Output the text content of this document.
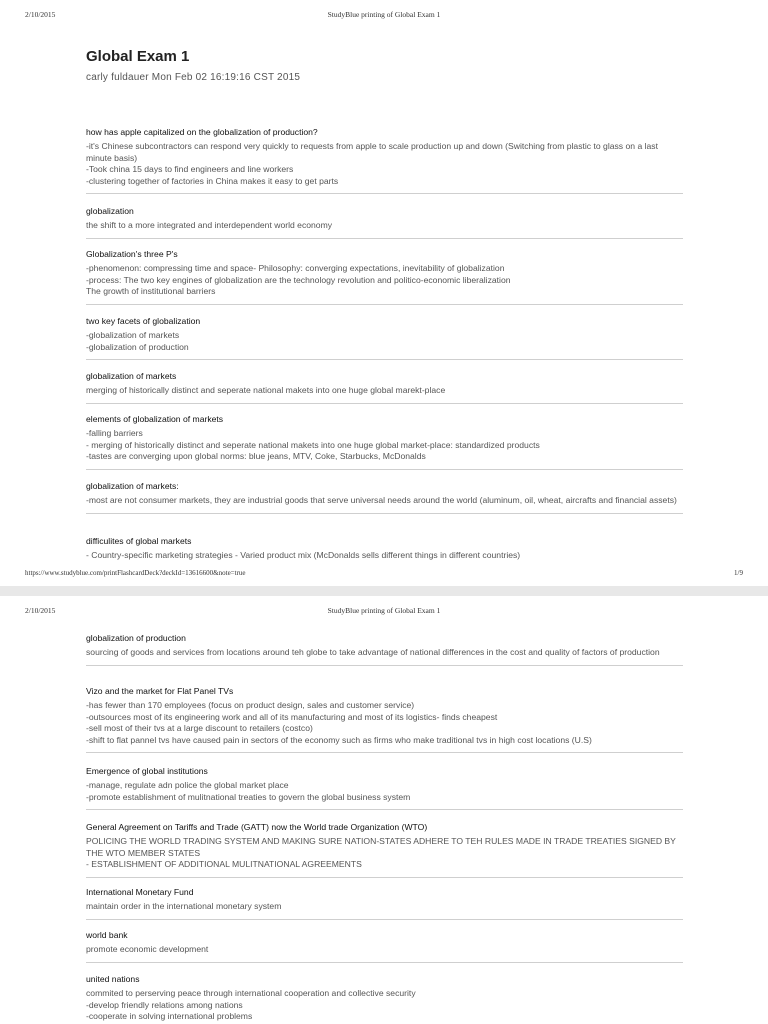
2/10/2015	StudyBlue printing of Global Exam 1
Global Exam 1
carly fuldauer Mon Feb 02 16:19:16 CST 2015
how has apple capitalized on the globalization of production?
-it's Chinese subcontractors can respond very quickly to requests from apple to scale production up and down (Switching from plastic to glass on a last minute basis)
-Took china 15 days to find engineers and line workers
-clustering together of factories in China makes it easy to get parts
globalization
the shift to a more integrated and interdependent world economy
Globalization's three P's
-phenomenon: compressing time and space- Philosophy: converging expectations, inevitability of globalization
-process: The two key engines of globalization are the technology revolution and politico-economic liberalization
The growth of institutional barriers
two key facets of globalization
-globalization of markets
-globalization of production
globalization of markets
merging of historically distinct and seperate national makets into one huge global marekt-place
elements of globalization of markets
-falling barriers
- merging of historically distinct and seperate national makets into one huge global market-place: standardized products
-tastes are converging upon global norms: blue jeans, MTV, Coke, Starbucks, McDonalds
globalization of markets:
-most are not consumer markets, they are industrial goods that serve universal needs around the world (aluminum, oil, wheat, aircrafts and financial assets)
difficulites of global markets
- Country-specific marketing strategies - Varied product mix (McDonalds sells different things in different countries)
https://www.studyblue.com/printFlashcardDeck?deckId=13616600&note=true	1/9
2/10/2015	StudyBlue printing of Global Exam 1
globalization of production
sourcing of goods and services from locations around teh globe to take advantage of national differences in the cost and quality of factors of production
Vizo and the market for Flat Panel TVs
-has fewer than 170 employees (focus on product design, sales and customer service)
-outsources most of its engineering work and all of its manufacturing and most of its logistics- finds cheapest
-sell most of their tvs at a large discount to retailers (costco)
-shift to flat pannel tvs have caused pain in sectors of the economy such as firms who make traditional tvs in high cost locations (U.S)
Emergence of global institutions
-manage, regulate adn police the global market place
-promote establishment of mulitnational treaties to govern the global business system
General Agreement on Tariffs and Trade (GATT) now the World trade Organization (WTO)
POLICING THE WORLD TRADING SYSTEM AND MAKING SURE NATION-STATES ADHERE TO TEH RULES MADE IN TRADE TREATIES SIGNED BY THE WTO MEMBER STATES
- ESTABLISHMENT OF ADDITIONAL MULITNATIONAL AGREEMENTS
International Monetary Fund
maintain order in the international monetary system
world bank
promote economic development
united nations
commited to perserving peace through international cooperation and collective security
-develop friendly relations among nations
-cooperate in solving international problems
